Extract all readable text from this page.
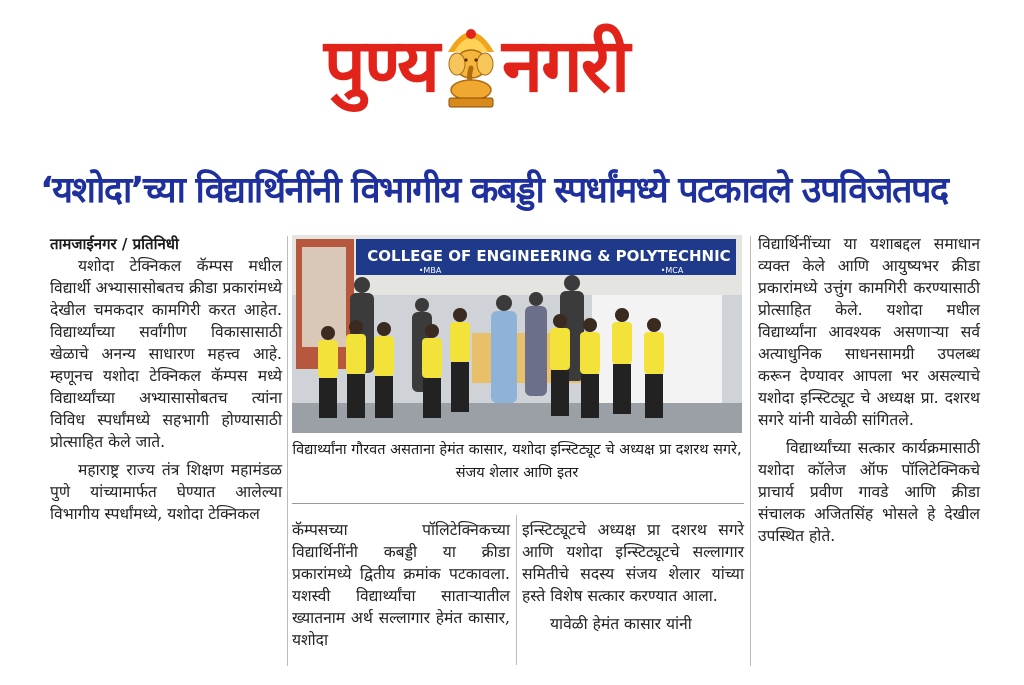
पुण्य नगरी
‘यशोदा’च्या विद्यार्थिनींनी विभागीय कबड्डी स्पर्धांमध्ये पटकावले उपविजेतपद
तामजाईनगर / प्रतिनिधी

यशोदा टेक्निकल कॅम्पस मधील विद्यार्थी अभ्यासासोबतच क्रीडा प्रकारांमध्ये देखील चमकदार कामगिरी करत आहेत. विद्यार्थ्यांच्या सर्वांगीण विकासासाठी खेळाचे अनन्य साधारण महत्त्व आहे. म्हणूनच यशोदा टेक्निकल कॅम्पस मध्ये विद्यार्थ्यांच्या अभ्यासासोबतच त्यांना विविध स्पर्धांमध्ये सहभागी होण्यासाठी प्रोत्साहित केले जाते.

महाराष्ट्र राज्य तंत्र शिक्षण महामंडळ पुणे यांच्यामार्फत घेण्यात आलेल्या विभागीय स्पर्धांमध्ये, यशोदा टेक्निकल

COLLEGE OF ENGINEERING & POLYTECHNIC
•MBA	•MCA
विद्यार्थ्यांना गौरवत असताना हेमंत कासार, यशोदा इन्स्टिट्यूट चे अध्यक्ष प्रा दशरथ सगरे, संजय शेलार आणि इतर

कॅम्पसच्या पॉलिटेक्निकच्या विद्यार्थिनींनी कबड्डी या क्रीडा प्रकारांमध्ये द्वितीय क्रमांक पटकावला. यशस्वी विद्यार्थ्यांचा साताऱ्यातील ख्यातनाम अर्थ सल्लागार हेमंत कासार, यशोदा

इन्स्टिट्यूटचे अध्यक्ष प्रा दशरथ सगरे आणि यशोदा इन्स्टिट्यूटचे सल्लागार समितीचे सदस्य संजय शेलार यांच्या हस्ते विशेष सत्कार करण्यात आला.

यावेळी हेमंत कासार यांनी

विद्यार्थिनींच्या या यशाबद्दल समाधान व्यक्त केले आणि आयुष्यभर क्रीडा प्रकारांमध्ये उत्तुंग कामगिरी करण्यासाठी प्रोत्साहित केले. यशोदा मधील विद्यार्थ्यांना आवश्यक असणाऱ्या सर्व अत्याधुनिक साधनसामग्री उपलब्ध करून देण्यावर आपला भर असल्याचे यशोदा इन्स्टिट्यूट चे अध्यक्ष प्रा. दशरथ सगरे यांनी यावेळी सांगितले.

विद्यार्थ्यांच्या सत्कार कार्यक्रमासाठी यशोदा कॉलेज ऑफ पॉलिटेक्निकचे प्राचार्य प्रवीण गावडे आणि क्रीडा संचालक अजितसिंह भोसले हे देखील उपस्थित होते.
